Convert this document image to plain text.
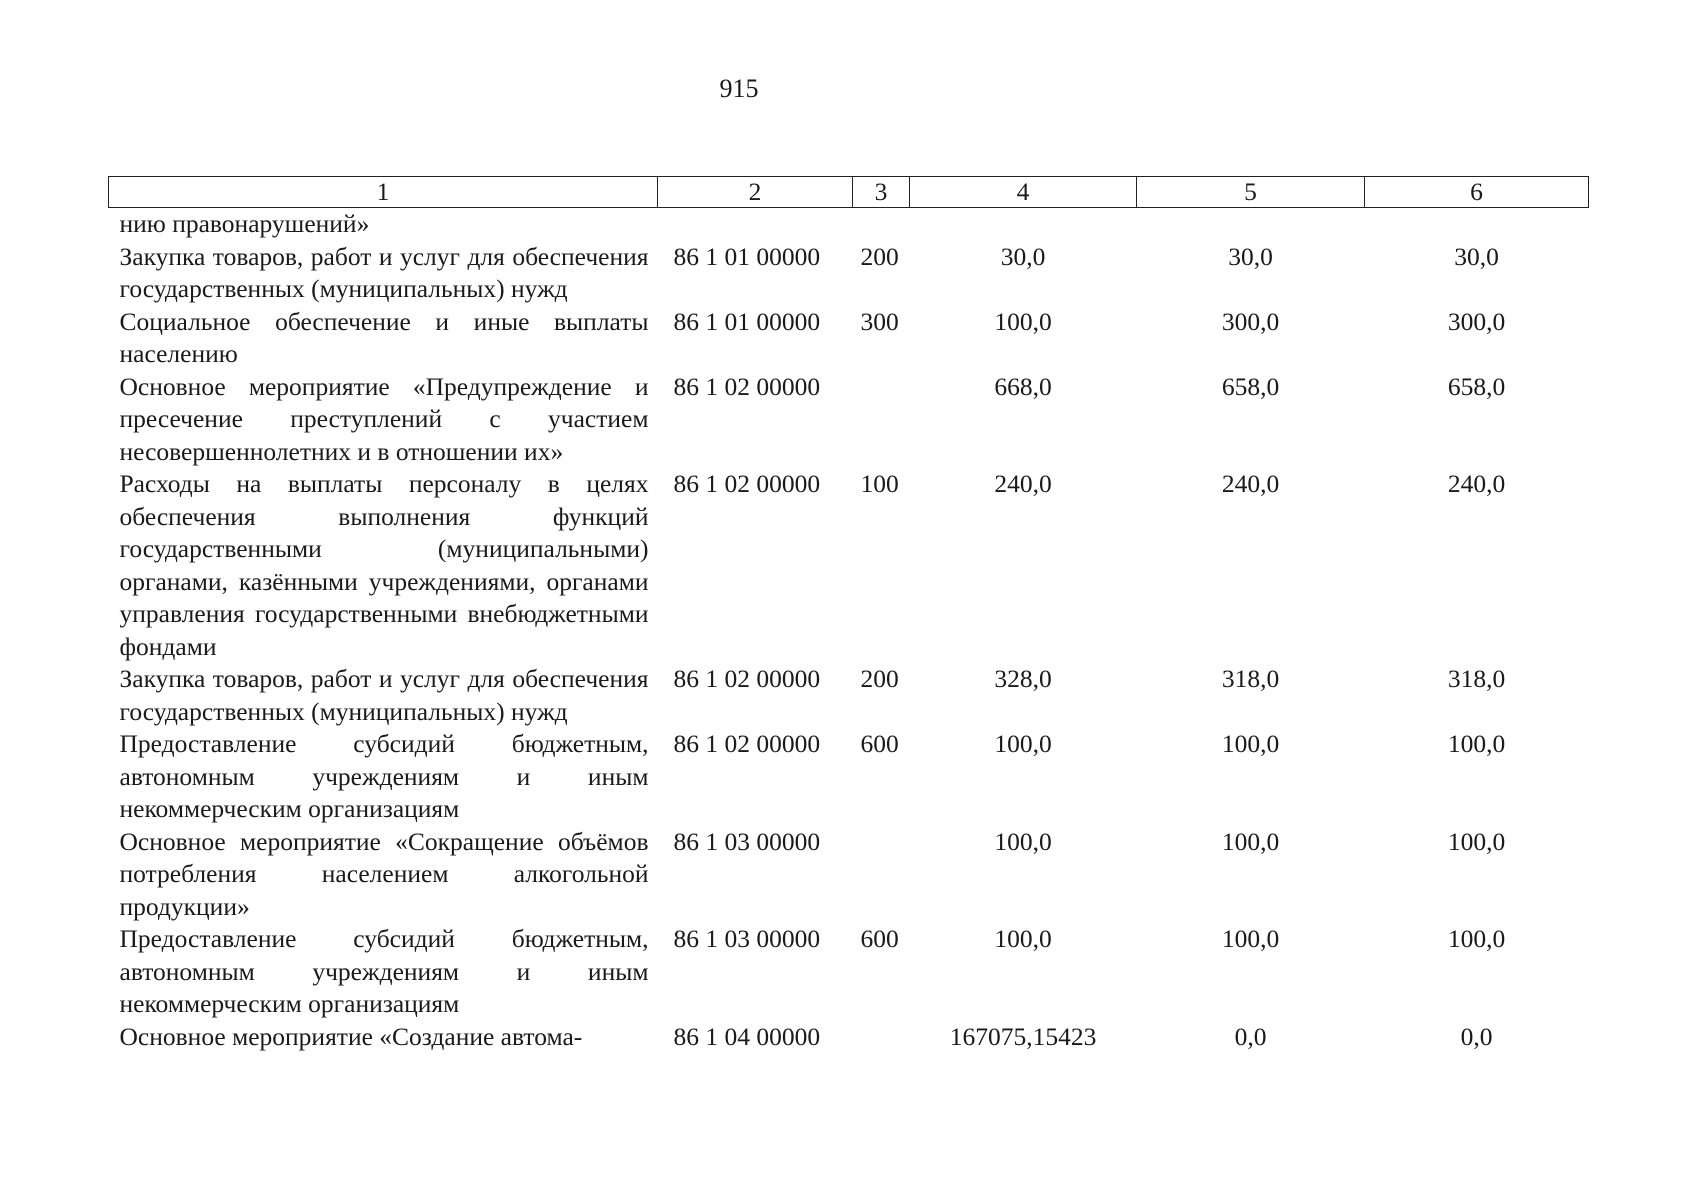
915
1	2	3	4	5	6
нию правонарушений»					
Закупка товаров, работ и услуг для обеспечения государственных (муниципальных) нужд	86 1 01 00000	200	30,0	30,0	30,0
Социальное обеспечение и иные выплаты населению	86 1 01 00000	300	100,0	300,0	300,0
Основное мероприятие «Предупреждение и пресечение преступлений с участием несовершеннолетних и в отношении их»	86 1 02 00000		668,0	658,0	658,0
Расходы на выплаты персоналу в целях обеспечения выполнения функций государственными (муниципальными) органами, казёнными учреждениями, органами управления государственными внебюджетными фондами	86 1 02 00000	100	240,0	240,0	240,0
Закупка товаров, работ и услуг для обеспечения государственных (муниципальных) нужд	86 1 02 00000	200	328,0	318,0	318,0
Предоставление субсидий бюджетным, автономным учреждениям и иным некоммерческим организациям	86 1 02 00000	600	100,0	100,0	100,0
Основное мероприятие «Сокращение объёмов потребления населением алкогольной продукции»	86 1 03 00000		100,0	100,0	100,0
Предоставление субсидий бюджетным, автономным учреждениям и иным некоммерческим организациям	86 1 03 00000	600	100,0	100,0	100,0
Основное мероприятие «Создание автома-	86 1 04 00000		167075,15423	0,0	0,0
